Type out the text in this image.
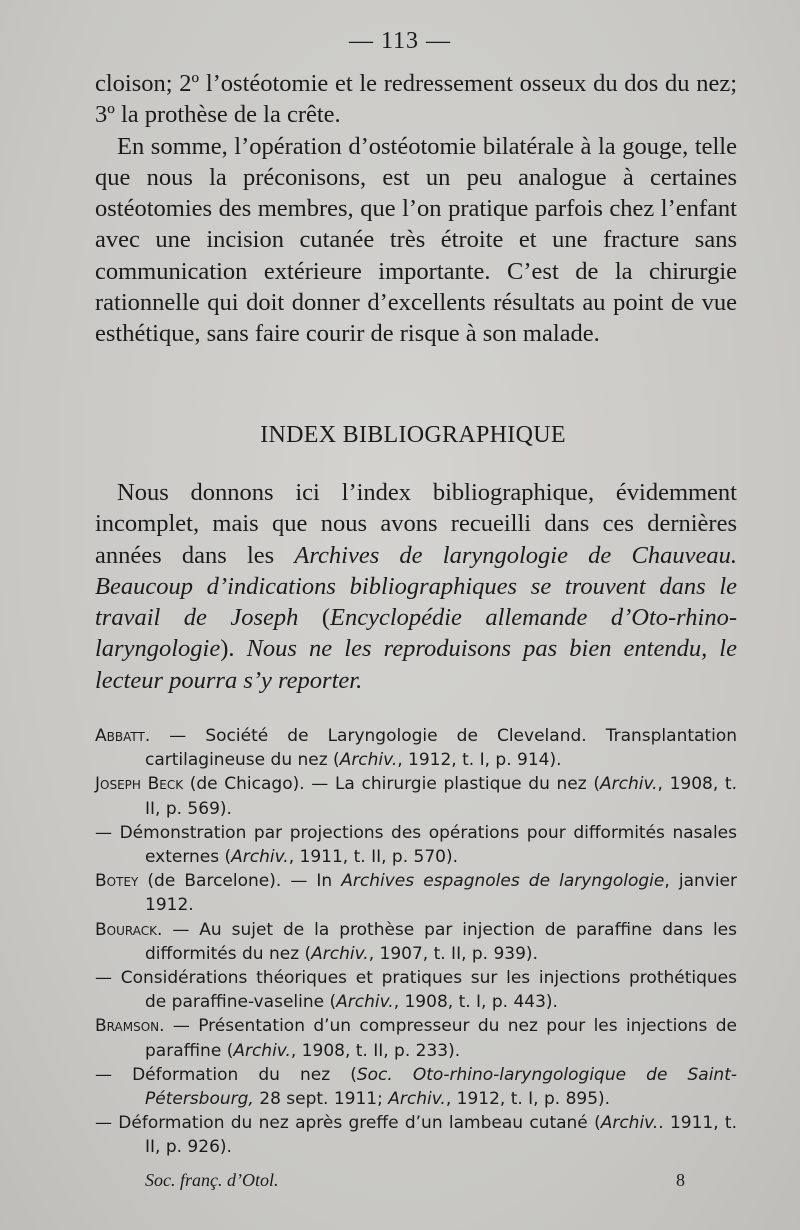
— 113 —

cloison; 2º l’ostéotomie et le redressement osseux du dos du nez; 3º la prothèse de la crête.

En somme, l’opération d’ostéotomie bilatérale à la gouge, telle que nous la préconisons, est un peu analogue à certaines ostéotomies des membres, que l’on pratique parfois chez l’enfant avec une incision cutanée très étroite et une fracture sans communication extérieure importante. C’est de la chirurgie rationnelle qui doit donner d’excellents résultats au point de vue esthétique, sans faire courir de risque à son malade.

INDEX BIBLIOGRAPHIQUE

Nous donnons ici l’index bibliographique, évidemment incomplet, mais que nous avons recueilli dans ces dernières années dans les Archives de laryngologie de Chauveau. Beaucoup d’indications bibliographiques se trouvent dans le travail de Joseph (Encyclopédie allemande d’Oto-rhino-laryngologie). Nous ne les reproduisons pas bien entendu, le lecteur pourra s’y reporter.

Abbatt. — Société de Laryngologie de Cleveland. Transplantation cartilagineuse du nez (Archiv., 1912, t. I, p. 914).
Joseph Beck (de Chicago). — La chirurgie plastique du nez (Archiv., 1908, t. II, p. 569).
— Démonstration par projections des opérations pour difformités nasales externes (Archiv., 1911, t. II, p. 570).
Botey (de Barcelone). — In Archives espagnoles de laryngologie, janvier 1912.
Bourack. — Au sujet de la prothèse par injection de paraffine dans les difformités du nez (Archiv., 1907, t. II, p. 939).
— Considérations théoriques et pratiques sur les injections prothétiques de paraffine-vaseline (Archiv., 1908, t. I, p. 443).
Bramson. — Présentation d’un compresseur du nez pour les injections de paraffine (Archiv., 1908, t. II, p. 233).
— Déformation du nez (Soc. Oto-rhino-laryngologique de Saint-Pétersbourg, 28 sept. 1911; Archiv., 1912, t. I, p. 895).
— Déformation du nez après greffe d’un lambeau cutané (Archiv.. 1911, t. II, p. 926).
Soc. franç. d’Otol.	8
